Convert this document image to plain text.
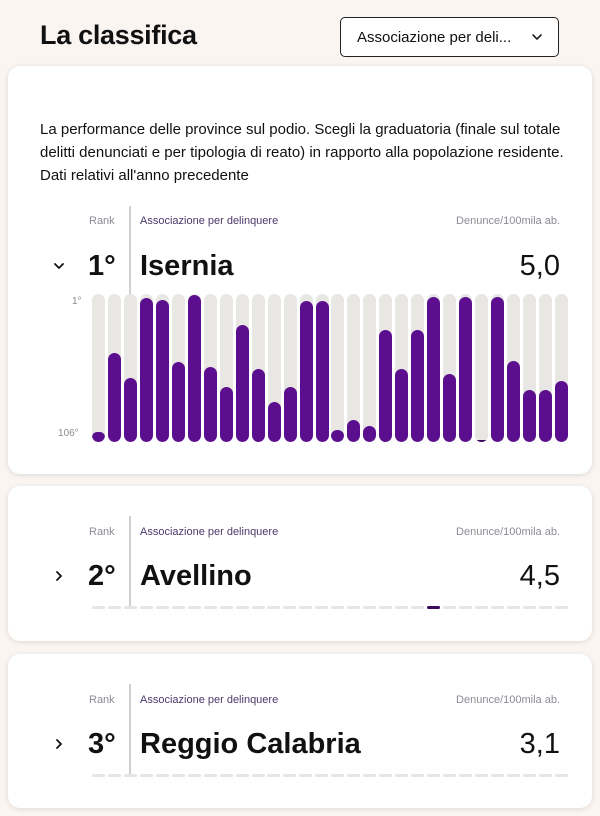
La classifica	Associazione per deli...
La performance delle province sul podio. Scegli la graduatoria (finale sul totale delitti denunciati e per tipologia di reato) in rapporto alla popolazione residente. Dati relativi all'anno precedente
Rank Associazione per delinquere	Denunce/100mila ab.
1° Isernia	5,0
1°
106°
Rank Associazione per delinquere	Denunce/100mila ab.
2° Avellino	4,5
Rank Associazione per delinquere	Denunce/100mila ab.
3° Reggio Calabria	3,1
